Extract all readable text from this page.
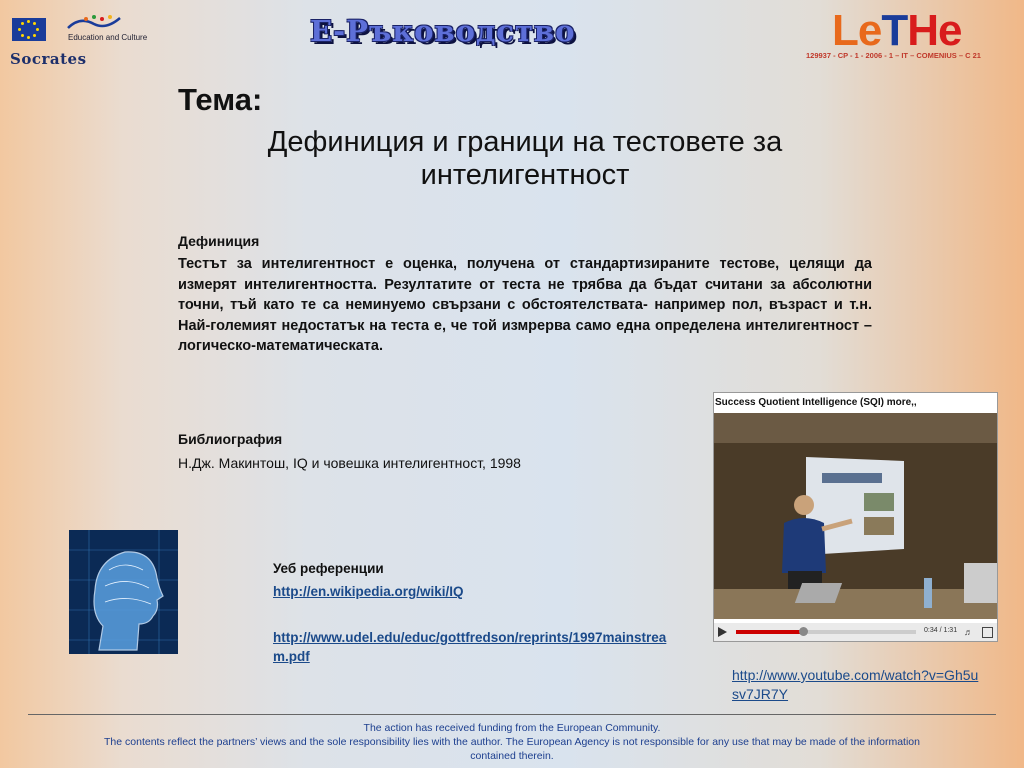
Education and Culture
Socrates
Е-Ръководство	LeTHe
129937 - CP - 1 - 2006 - 1 – IT – COMENIUS – C 21
Тема:
Дефиниция и граници на тестовете за интелигентност
Дефиниция
Тестът за интелигентност е оценка, получена от стандартизираните тестове, целящи да измерят интелигентността. Резултатите от теста не трябва да бъдат считани за абсолютни точни, тъй като те са неминуемо свързани с обстоятелствата- например пол, възраст и т.н. Най-големият недостатък на теста е, че той измрерва само една определена интелигентност – логическо-математическата.
Библиография
Н.Дж. Макинтош, IQ и човешка интелигентност, 1998
Уеб референции
http://en.wikipedia.org/wiki/IQ
http://www.udel.edu/educ/gottfredson/reprints/1997mainstream.pdf
Success Quotient Intelligence (SQI) more,,
0:34 / 1:31 ♬
http://www.youtube.com/watch?v=Gh5usv7JR7Y
The action has received funding from the European Community.
The contents reflect the partners’ views and the sole responsibility lies with the author. The European Agency is not responsible for any use that may be made of the information contained therein.
